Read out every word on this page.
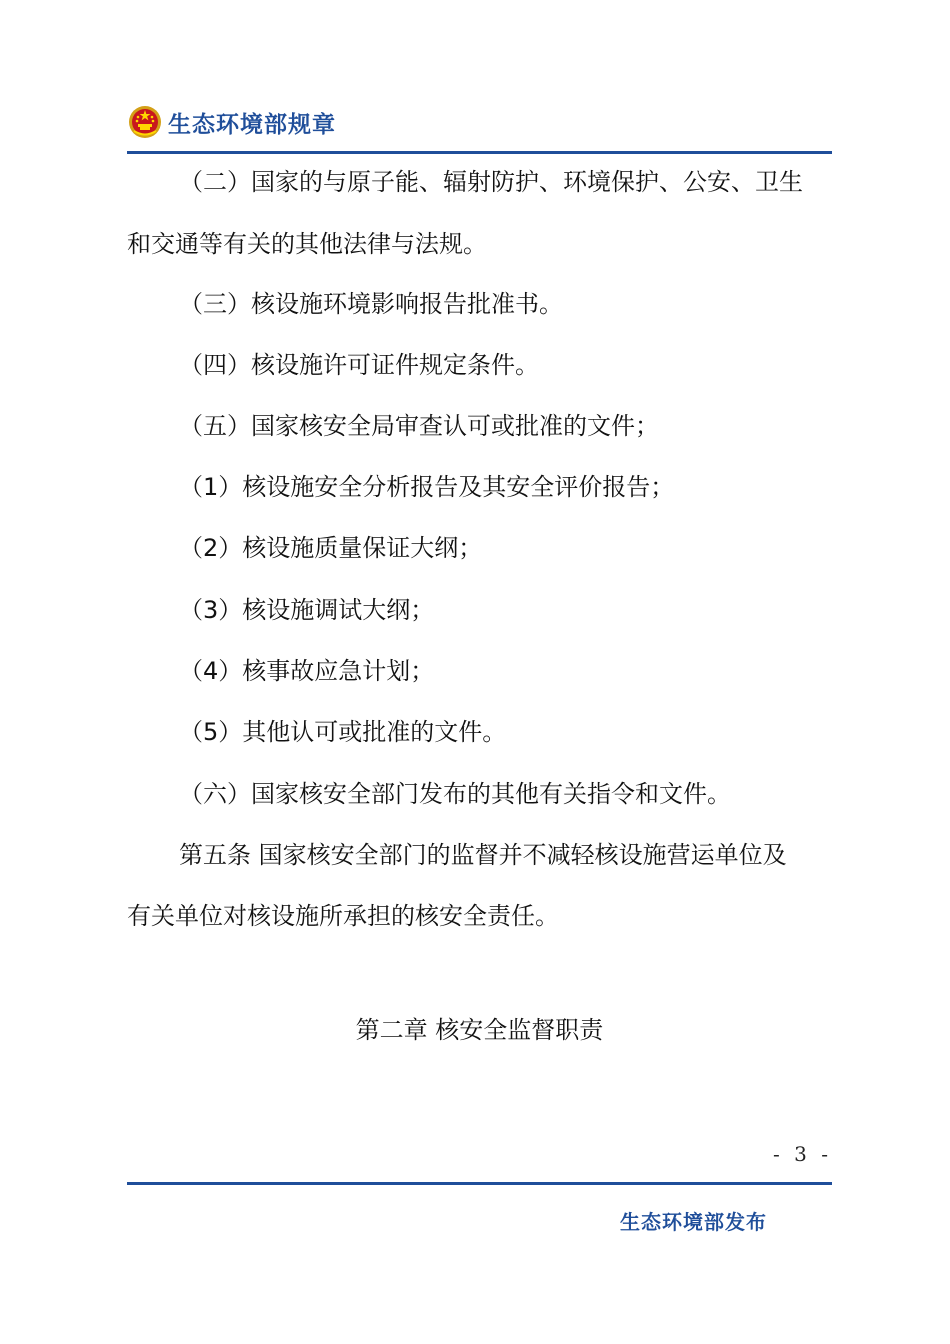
生态环境部规章
（二）国家的与原子能、辐射防护、环境保护、公安、卫生
和交通等有关的其他法律与法规。
（三）核设施环境影响报告批准书。
（四）核设施许可证件规定条件。
（五）国家核安全局审查认可或批准的文件；
（1）核设施安全分析报告及其安全评价报告；
（2）核设施质量保证大纲；
（3）核设施调试大纲；
（4）核事故应急计划；
（5）其他认可或批准的文件。
（六）国家核安全部门发布的其他有关指令和文件。
第五条 国家核安全部门的监督并不减轻核设施营运单位及
有关单位对核设施所承担的核安全责任。
第二章 核安全监督职责
- 3 -
生态环境部发布
